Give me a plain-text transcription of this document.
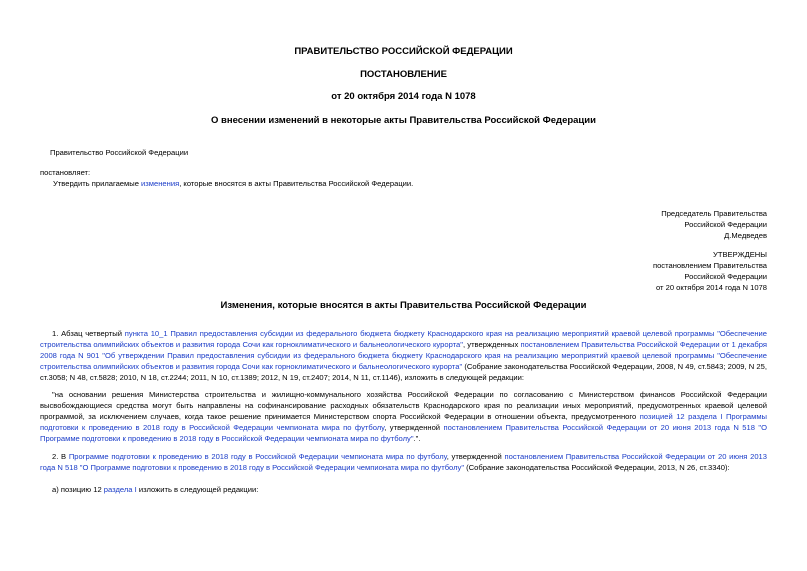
ПРАВИТЕЛЬСТВО РОССИЙСКОЙ ФЕДЕРАЦИИ
ПОСТАНОВЛЕНИЕ
от 20 октября 2014 года N 1078
О внесении изменений в некоторые акты Правительства Российской Федерации
Правительство Российской Федерации
постановляет:
Утвердить прилагаемые изменения, которые вносятся в акты Правительства Российской Федерации.
Председатель Правительства
Российской Федерации
Д.Медведев
УТВЕРЖДЕНЫ
постановлением Правительства
Российской Федерации
от 20 октября 2014 года N 1078
Изменения, которые вносятся в акты Правительства Российской Федерации
1. Абзац четвертый пункта 10_1 Правил предоставления субсидии из федерального бюджета бюджету Краснодарского края на реализацию мероприятий краевой целевой программы "Обеспечение строительства олимпийских объектов и развития города Сочи как горноклиматического и бальнеологического курорта", утвержденных постановлением Правительства Российской Федерации от 1 декабря 2008 года N 901 "Об утверждении Правил предоставления субсидии из федерального бюджета бюджету Краснодарского края на реализацию мероприятий краевой целевой программы "Обеспечение строительства олимпийских объектов и развития города Сочи как горноклиматического и бальнеологического курорта" (Собрание законодательства Российской Федерации, 2008, N 49, ст.5843; 2009, N 25, ст.3058; N 48, ст.5828; 2010, N 18, ст.2244; 2011, N 10, ст.1389; 2012, N 19, ст.2407; 2014, N 11, ст.1146), изложить в следующей редакции:
"на основании решения Министерства строительства и жилищно-коммунального хозяйства Российской Федерации по согласованию с Министерством финансов Российской Федерации высвобождающиеся средства могут быть направлены на софинансирование расходных обязательств Краснодарского края по реализации иных мероприятий, предусмотренных краевой целевой программой, за исключением случаев, когда такое решение принимается Министерством спорта Российской Федерации в отношении объекта, предусмотренного позицией 12 раздела I Программы подготовки к проведению в 2018 году в Российской Федерации чемпионата мира по футболу, утвержденной постановлением Правительства Российской Федерации от 20 июня 2013 года N 518 "О Программе подготовки к проведению в 2018 году в Российской Федерации чемпионата мира по футболу".".
2. В Программе подготовки к проведению в 2018 году в Российской Федерации чемпионата мира по футболу, утвержденной постановлением Правительства Российской Федерации от 20 июня 2013 года N 518 "О Программе подготовки к проведению в 2018 году в Российской Федерации чемпионата мира по футболу" (Собрание законодательства Российской Федерации, 2013, N 26, ст.3340):
а) позицию 12 раздела I изложить в следующей редакции:
